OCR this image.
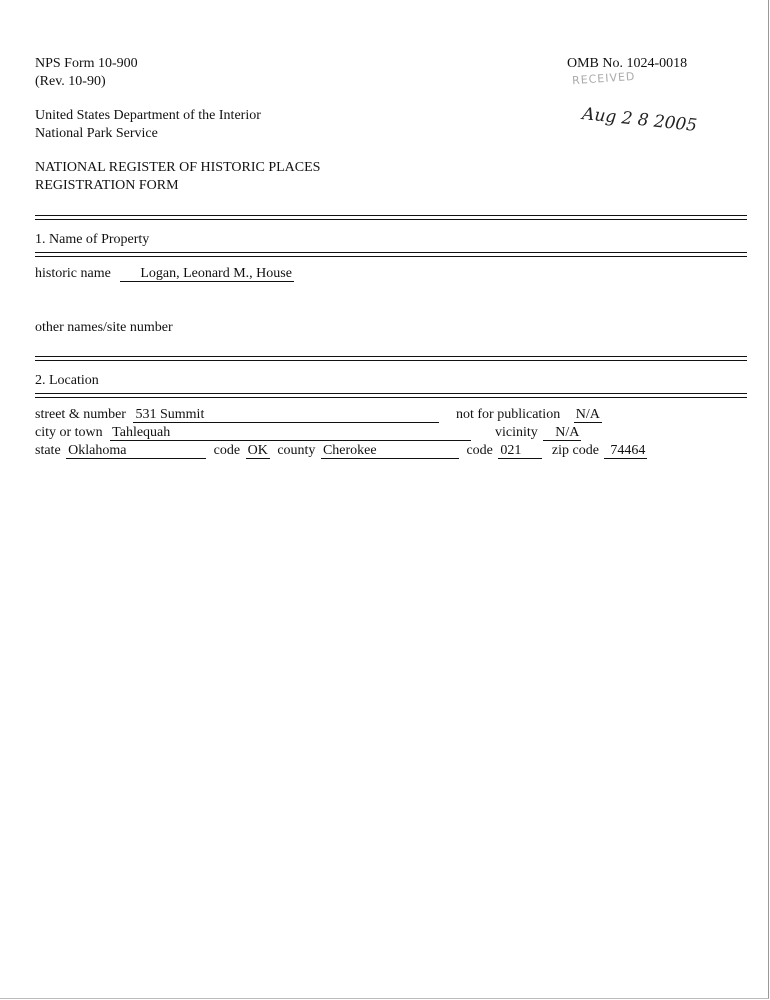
NPS Form 10-900
(Rev. 10-90)
OMB No. 1024-0018
RECEIVED
Aug 2 8 2005
United States Department of the Interior
National Park Service
NATIONAL REGISTER OF HISTORIC PLACES
REGISTRATION FORM
1. Name of Property
historic name Logan, Leonard M., House
other names/site number
2. Location
street & number 531 Summit	not for publication N/A
city or town Tahlequah	vicinity N/A
state Oklahoma	code OK county Cherokee	code 021 zip code 74464
